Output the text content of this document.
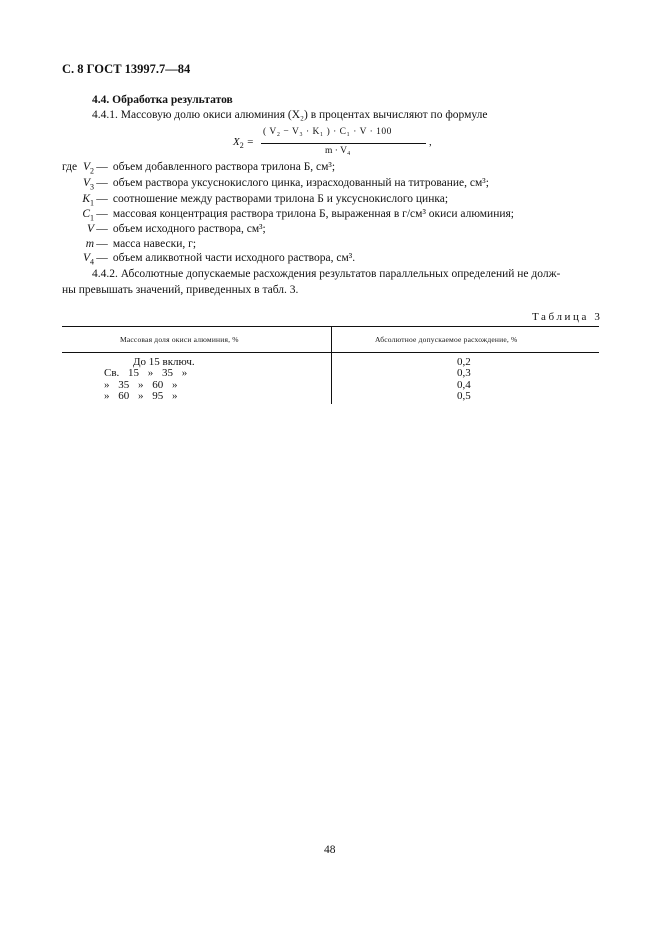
С. 8 ГОСТ 13997.7—84
4.4. Обработка результатов
4.4.1. Массовую долю окиси алюминия (X₂) в процентах вычисляют по формуле
$X_2$ =
( V₂ − V₃ · K₁ ) · C₁ · V · 100
m · V₄
,
где $V_2$ — объем добавленного раствора трилона Б, см³;
$V_3$ — объем раствора уксуснокислого цинка, израсходованный на титрование, см³;
$K_1$ — соотношение между растворами трилона Б и уксуснокислого цинка;
$C_1$ — массовая концентрация раствора трилона Б, выраженная в г/см³ окиси алюминия;
V — объем исходного раствора, см³;
m — масса навески, г;
$V_4$ — объем аликвотной части исходного раствора, см³.
4.4.2. Абсолютные допускаемые расхождения результатов параллельных определений не долж-
ны превышать значений, приведенных в табл. 3.
Таблица 3
Массовая доля окиси алюминия, %	Абсолютное допускаемое расхождение, %
До 15 включ.	0,2
Св. 15 » 35 »	0,3
» 35 » 60 »	0,4
» 60 » 95 »	0,5
48
